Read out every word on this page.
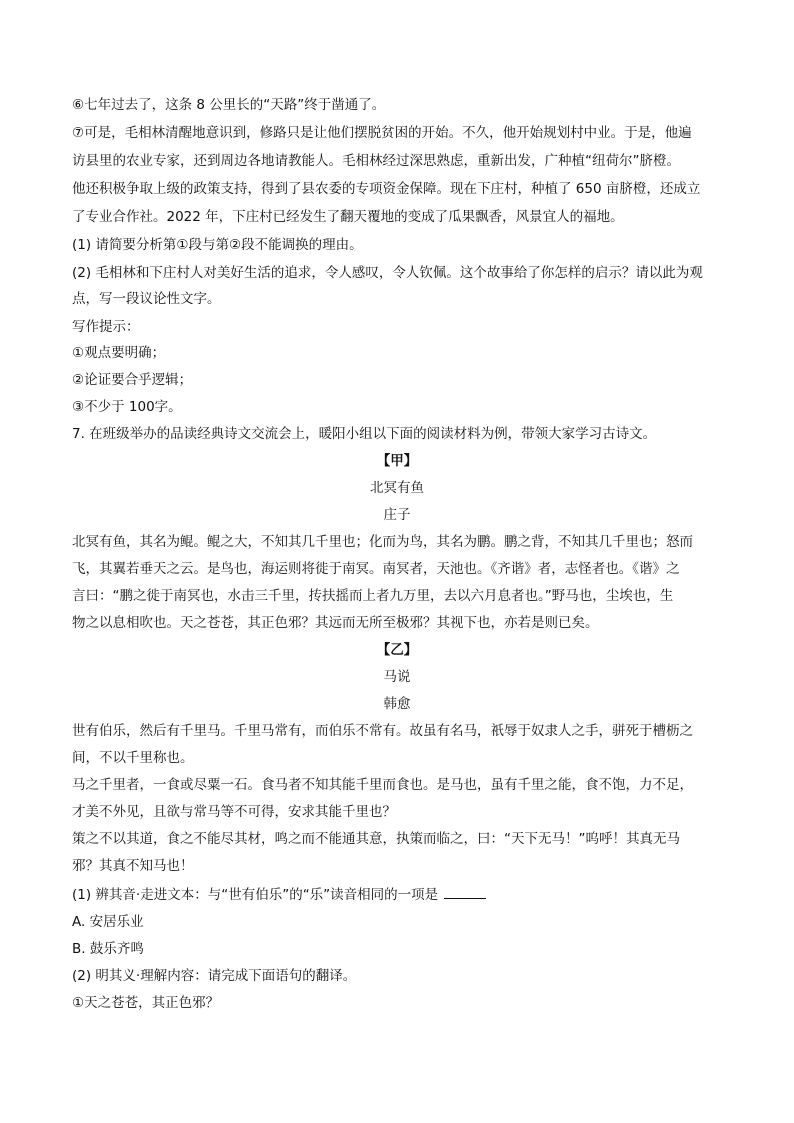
⑥七年过去了，这条 8 公里长的“天路”终于凿通了。
⑦可是，毛相林清醒地意识到，修路只是让他们摆脱贫困的开始。不久，他开始规划村中业。于是，他遍
访县里的农业专家，还到周边各地请教能人。毛相林经过深思熟虑，重新出发，广种植“纽荷尔”脐橙。
他还积极争取上级的政策支持，得到了县农委的专项资金保障。现在下庄村，种植了 650 亩脐橙，还成立
了专业合作社。2022 年，下庄村已经发生了翻天覆地的变成了瓜果飘香，风景宜人的福地。
(1) 请简要分析第①段与第②段不能调换的理由。
(2) 毛相林和下庄村人对美好生活的追求，令人感叹，令人钦佩。这个故事给了你怎样的启示？请以此为观
点，写一段议论性文字。
写作提示：
①观点要明确；
②论证要合乎逻辑；
③不少于 100字。
7. 在班级举办的品读经典诗文交流会上，暖阳小组以下面的阅读材料为例，带领大家学习古诗文。
【甲】
北冥有鱼
庄子
北冥有鱼，其名为鲲。鲲之大，不知其几千里也；化而为鸟，其名为鹏。鹏之背，不知其几千里也；怒而
飞，其翼若垂天之云。是鸟也，海运则将徙于南冥。南冥者，天池也。《齐谐》者，志怪者也。《谐》之
言曰：“鹏之徙于南冥也，水击三千里，抟扶摇而上者九万里，去以六月息者也。”野马也，尘埃也，生
物之以息相吹也。天之苍苍，其正色邪？其远而无所至极邪？其视下也，亦若是则已矣。
【乙】
马说
韩愈
世有伯乐，然后有千里马。千里马常有，而伯乐不常有。故虽有名马，祇辱于奴隶人之手，骈死于槽枥之
间，不以千里称也。
马之千里者，一食或尽粟一石。食马者不知其能千里而食也。是马也，虽有千里之能，食不饱，力不足，
才美不外见，且欲与常马等不可得，安求其能千里也？
策之不以其道，食之不能尽其材，鸣之而不能通其意，执策而临之，曰：“天下无马！”呜呼！其真无马
邪？其真不知马也！
(1) 辨其音·走进文本：与“世有伯乐”的“乐”读音相同的一项是
A. 安居乐业
B. 鼓乐齐鸣
(2) 明其义·理解内容：请完成下面语句的翻译。
①天之苍苍，其正色邪？
